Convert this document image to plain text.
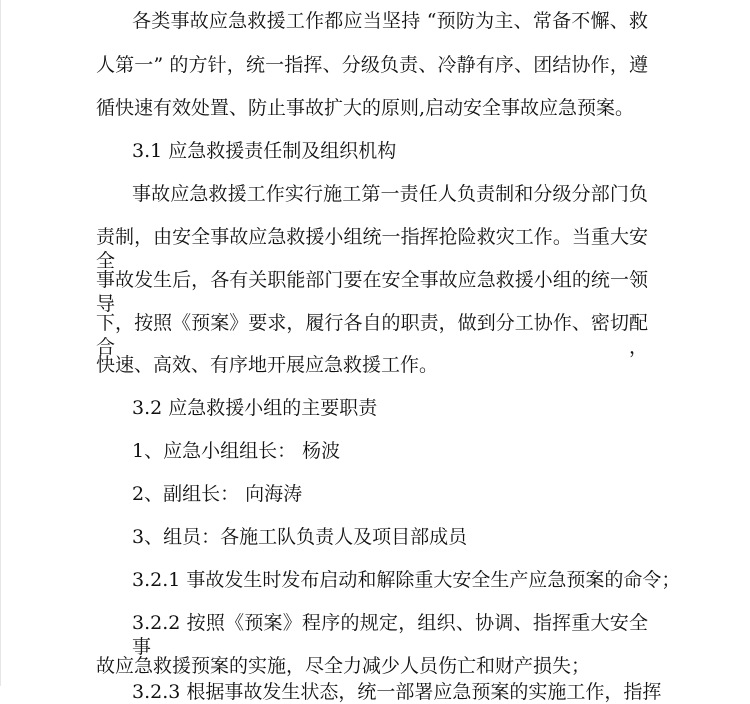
各类事故应急救援工作都应当坚持 “预防为主、常备不懈、救
人第一” 的方针，统一指挥、分级负责、冷静有序、团结协作，遵
循快速有效处置、防止事故扩大的原则,启动安全事故应急预案。
3.1 应急救援责任制及组织机构
事故应急救援工作实行施工第一责任人负责制和分级分部门负
责制，由安全事故应急救援小组统一指挥抢险救灾工作。当重大安全
事故发生后，各有关职能部门要在安全事故应急救援小组的统一领导
下，按照《预案》要求，履行各自的职责，做到分工协作、密切配合，
快速、高效、有序地开展应急救援工作。
3.2 应急救援小组的主要职责
1、应急小组组长： 杨波
2、副组长： 向海涛
3、组员：各施工队负责人及项目部成员
3.2.1 事故发生时发布启动和解除重大安全生产应急预案的命令；
3.2.2 按照《预案》程序的规定，组织、协调、指挥重大安全事
故应急救援预案的实施，尽全力减少人员伤亡和财产损失；
3.2.3 根据事故发生状态，统一部署应急预案的实施工作，指挥
